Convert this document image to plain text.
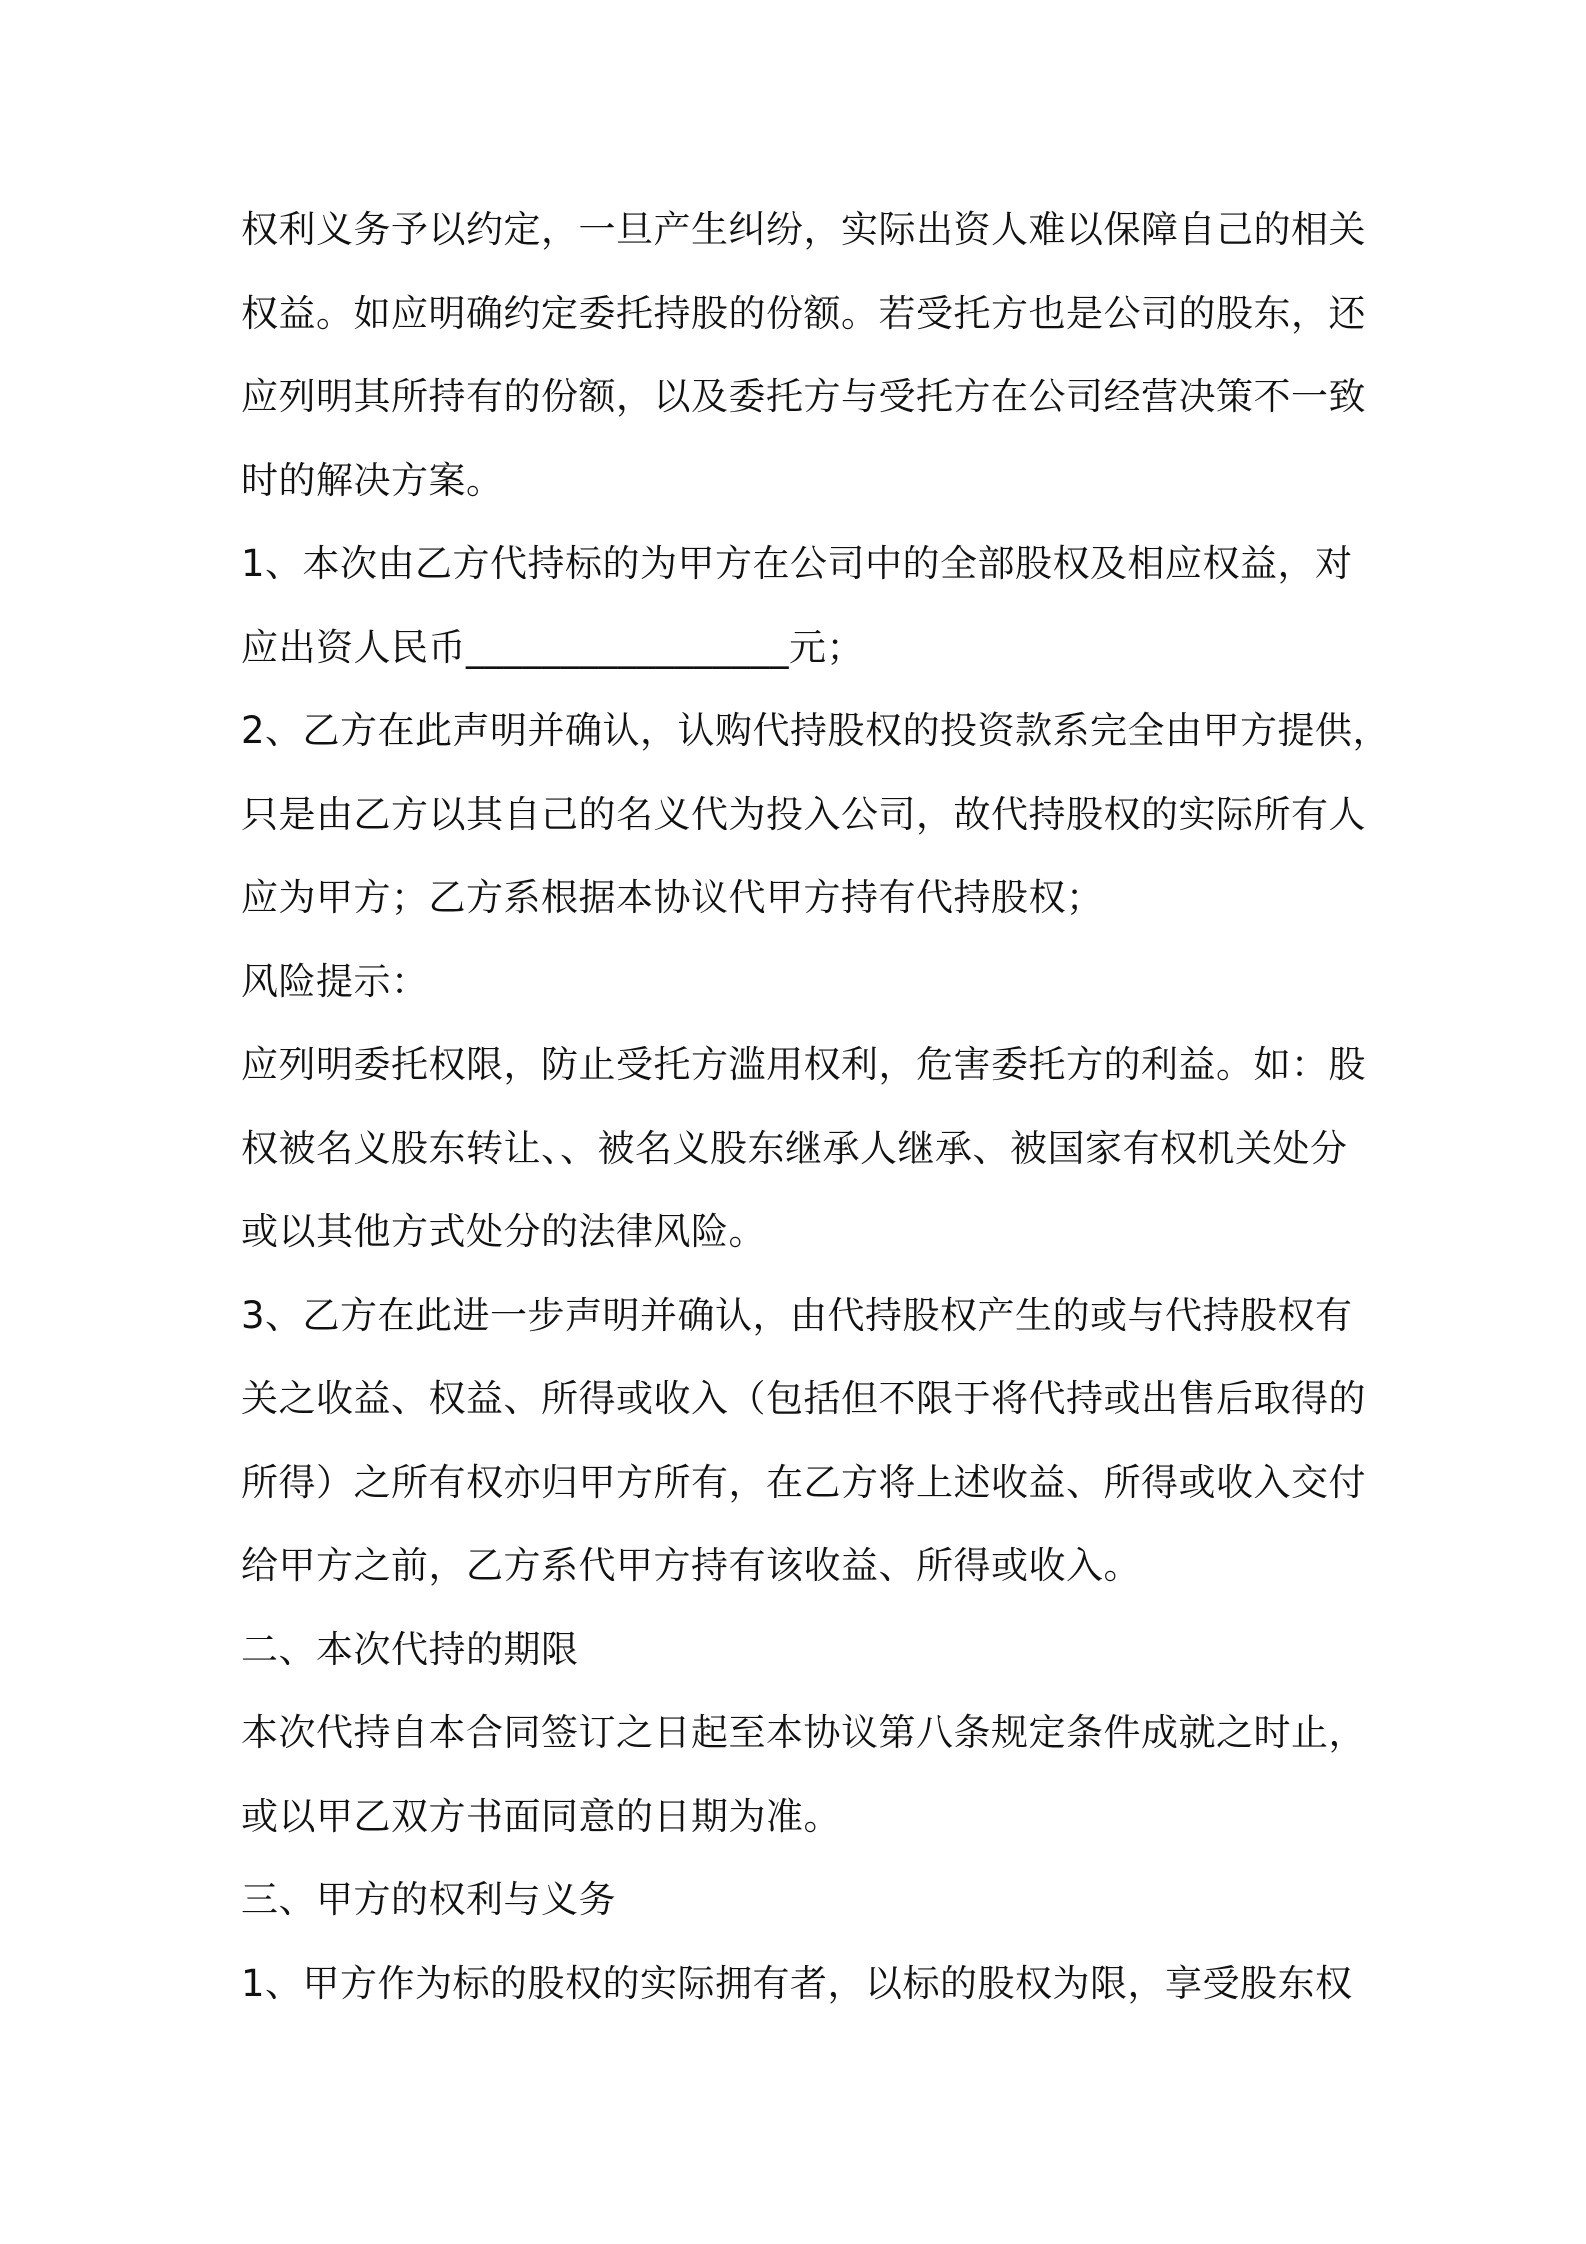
权利义务予以约定，一旦产生纠纷，实际出资人难以保障自己的相关
权益。如应明确约定委托持股的份额。若受托方也是公司的股东，还
应列明其所持有的份额，以及委托方与受托方在公司经营决策不一致
时的解决方案。
1、本次由乙方代持标的为甲方在公司中的全部股权及相应权益，对
应出资人民币_________________元；
2、乙方在此声明并确认，认购代持股权的投资款系完全由甲方提供，
只是由乙方以其自己的名义代为投入公司，故代持股权的实际所有人
应为甲方；乙方系根据本协议代甲方持有代持股权；
风险提示：
应列明委托权限，防止受托方滥用权利，危害委托方的利益。如：股
权被名义股东转让、、被名义股东继承人继承、被国家有权机关处分
或以其他方式处分的法律风险。
3、乙方在此进一步声明并确认，由代持股权产生的或与代持股权有
关之收益、权益、所得或收入（包括但不限于将代持或出售后取得的
所得）之所有权亦归甲方所有，在乙方将上述收益、所得或收入交付
给甲方之前，乙方系代甲方持有该收益、所得或收入。
二、本次代持的期限
本次代持自本合同签订之日起至本协议第八条规定条件成就之时止，
或以甲乙双方书面同意的日期为准。
三、甲方的权利与义务
1、甲方作为标的股权的实际拥有者，以标的股权为限，享受股东权
